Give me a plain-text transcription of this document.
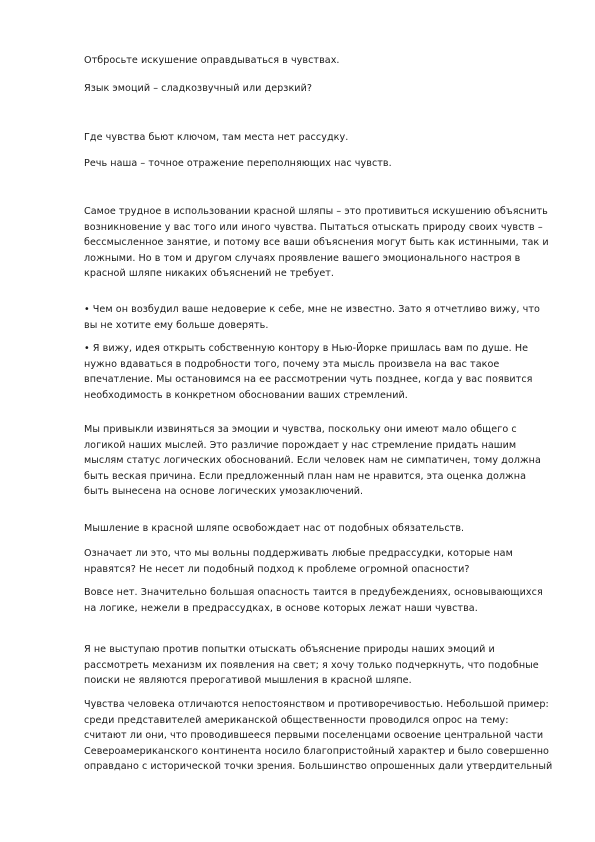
Отбросьте искушение оправдываться в чувствах.

Язык эмоций – сладкозвучный или дерзкий?

Где чувства бьют ключом, там места нет рассудку.

Речь наша – точное отражение переполняющих нас чувств.

Самое трудное в использовании красной шляпы – это противиться искушению объяснить возникновение у вас того или иного чувства. Пытаться отыскать природу своих чувств – бессмысленное занятие, и потому все ваши объяснения могут быть как истинными, так и ложными. Но в том и другом случаях проявление вашего эмоционального настроя в красной шляпе никаких объяснений не требует.

• Чем он возбудил ваше недоверие к себе, мне не известно. Зато я отчетливо вижу, что вы не хотите ему больше доверять.

• Я вижу, идея открыть собственную контору в Нью-Йорке пришлась вам по душе. Не нужно вдаваться в подробности того, почему эта мысль произвела на вас такое впечатление. Мы остановимся на ее рассмотрении чуть позднее, когда у вас появится необходимость в конкретном обосновании ваших стремлений.

Мы привыкли извиняться за эмоции и чувства, поскольку они имеют мало общего с логикой наших мыслей. Это различие порождает у нас стремление придать нашим мыслям статус логических обоснований. Если человек нам не симпатичен, тому должна быть веская причина. Если предложенный план нам не нравится, эта оценка должна быть вынесена на основе логических умозаключений.

Мышление в красной шляпе освобождает нас от подобных обязательств.

Означает ли это, что мы вольны поддерживать любые предрассудки, которые нам нравятся? Не несет ли подобный подход к проблеме огромной опасности?

Вовсе нет. Значительно большая опасность таится в предубеждениях, основывающихся на логике, нежели в предрассудках, в основе которых лежат наши чувства.

Я не выступаю против попытки отыскать объяснение природы наших эмоций и рассмотреть механизм их появления на свет; я хочу только подчеркнуть, что подобные поиски не являются прерогативой мышления в красной шляпе.

Чувства человека отличаются непостоянством и противоречивостью. Небольшой пример: среди представителей американской общественности проводился опрос на тему: считают ли они, что проводившееся первыми поселенцами освоение центральной части Североамериканского континента носило благопристойный характер и было совершенно оправдано с исторической точки зрения. Большинство опрошенных дали утвердительный
